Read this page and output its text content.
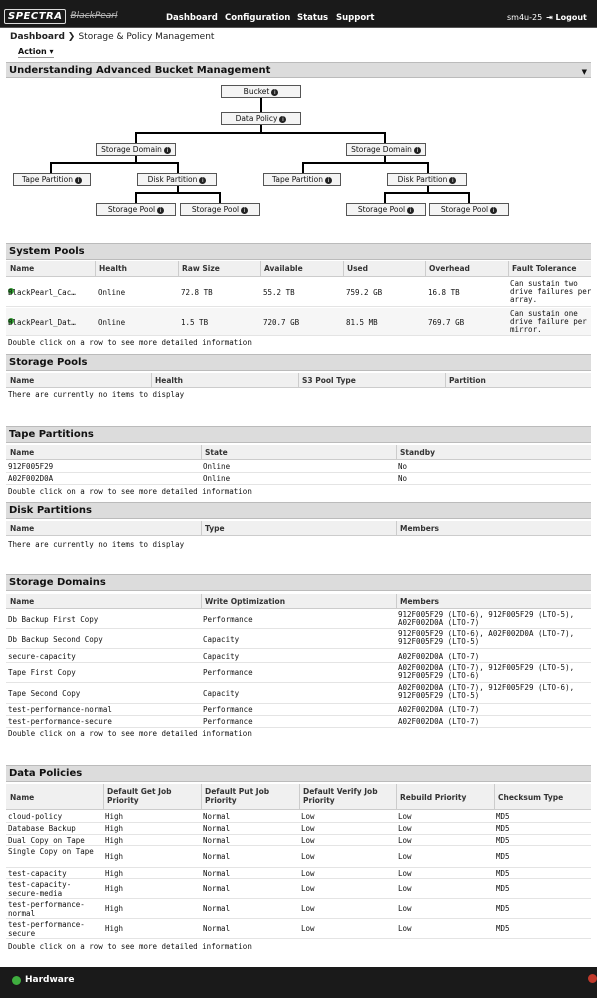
SPECTRA BlackPearl	Dashboard Configuration Status Support	sm4u-25 ⇥ Logout
Dashboard ❯ Storage & Policy Management
Action ▾
Understanding Advanced Bucket Management	▼
Bucket i
Data Policy i
Storage Domain i	Storage Domain i
Tape Partition i	Disk Partition i	Tape Partition i	Disk Partition i
Storage Pool i	Storage Pool i	Storage Pool i	Storage Pool i
System Pools
Name	Health	Raw Size	Available	Used	Overhead	Fault Tolerance
BlackPearl_Cac…	Online	72.8 TB	55.2 TB	759.2 GB	16.8 TB
Can sustain two drive failures per array.
BlackPearl_Dat…	Online	1.5 TB	720.7 GB	81.5 MB	769.7 GB
Can sustain one drive failure per mirror.
Double click on a row to see more detailed information
Storage Pools
Name	Health	S3 Pool Type	Partition
There are currently no items to display
Tape Partitions
Name	State	Standby
912F005F29	Online	No
A02F002D0A	Online	No
Double click on a row to see more detailed information
Disk Partitions
Name	Type	Members
There are currently no items to display
Storage Domains
Name	Write Optimization	Members
Db Backup First Copy	Performance
912F005F29 (LTO-6), 912F005F29 (LTO-5), A02F002D0A (LTO-7)
Db Backup Second Copy	Capacity
912F005F29 (LTO-6), A02F002D0A (LTO-7), 912F005F29 (LTO-5)
secure-capacity	Capacity	A02F002D0A (LTO-7)
Tape First Copy	Performance
A02F002D0A (LTO-7), 912F005F29 (LTO-5), 912F005F29 (LTO-6)
Tape Second Copy	Capacity
A02F002D0A (LTO-7), 912F005F29 (LTO-6), 912F005F29 (LTO-5)
test-performance-normal	Performance	A02F002D0A (LTO-7)
test-performance-secure	Performance	A02F002D0A (LTO-7)
Double click on a row to see more detailed information
Data Policies
Name
Default Get Job Priority
Default Put Job Priority
Default Verify Job Priority	Rebuild Priority	Checksum Type
cloud-policy	High	Normal	Low	Low	MD5
Database Backup	High	Normal	Low	Low	MD5
Dual Copy on Tape	High	Normal	Low	Low	MD5
Single Copy on Tape
High	Normal	Low	Low	MD5
test-capacity	High	Normal	Low	Low	MD5
test-capacity-secure-media
High	Normal	Low	Low	MD5
test-performance-normal
High	Normal	Low	Low	MD5
test-performance-secure
High	Normal	Low	Low	MD5
Double click on a row to see more detailed information
Hardware
